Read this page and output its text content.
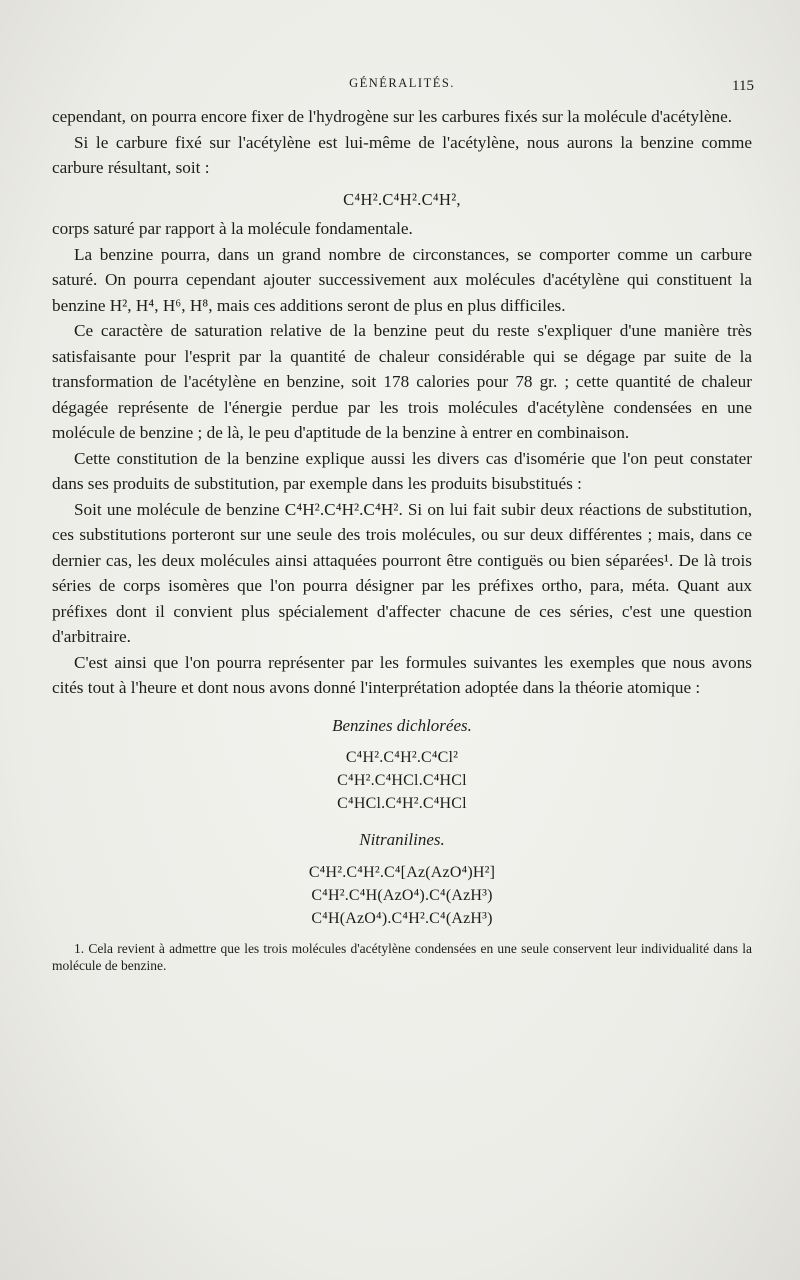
GÉNÉRALITÉS.	115

cependant, on pourra encore fixer de l'hydrogène sur les carbures fixés sur la molécule d'acétylène.

Si le carbure fixé sur l'acétylène est lui-même de l'acétylène, nous aurons la benzine comme carbure résultant, soit :

C⁴H².C⁴H².C⁴H²,

corps saturé par rapport à la molécule fondamentale.

La benzine pourra, dans un grand nombre de circonstances, se comporter comme un carbure saturé. On pourra cependant ajouter successivement aux molécules d'acétylène qui constituent la benzine H², H⁴, H⁶, H⁸, mais ces additions seront de plus en plus difficiles.

Ce caractère de saturation relative de la benzine peut du reste s'expliquer d'une manière très satisfaisante pour l'esprit par la quantité de chaleur considérable qui se dégage par suite de la transformation de l'acétylène en benzine, soit 178 calories pour 78 gr. ; cette quantité de chaleur dégagée représente de l'énergie perdue par les trois molécules d'acétylène condensées en une molécule de benzine ; de là, le peu d'aptitude de la benzine à entrer en combinaison.

Cette constitution de la benzine explique aussi les divers cas d'isomérie que l'on peut constater dans ses produits de substitution, par exemple dans les produits bisubstitués :

Soit une molécule de benzine C⁴H².C⁴H².C⁴H². Si on lui fait subir deux réactions de substitution, ces substitutions porteront sur une seule des trois molécules, ou sur deux différentes ; mais, dans ce dernier cas, les deux molécules ainsi attaquées pourront être contiguës ou bien séparées¹. De là trois séries de corps isomères que l'on pourra désigner par les préfixes ortho, para, méta. Quant aux préfixes dont il convient plus spécialement d'affecter chacune de ces séries, c'est une question d'arbitraire.

C'est ainsi que l'on pourra représenter par les formules suivantes les exemples que nous avons cités tout à l'heure et dont nous avons donné l'interprétation adoptée dans la théorie atomique :

Benzines dichlorées.
C⁴H².C⁴H².C⁴Cl²
C⁴H².C⁴HCl.C⁴HCl
C⁴HCl.C⁴H².C⁴HCl
Nitranilines.
C⁴H².C⁴H².C⁴[Az(AzO⁴)H²]
C⁴H².C⁴H(AzO⁴).C⁴(AzH³)
C⁴H(AzO⁴).C⁴H².C⁴(AzH³)
1. Cela revient à admettre que les trois molécules d'acétylène condensées en une seule conservent leur individualité dans la molécule de benzine.
